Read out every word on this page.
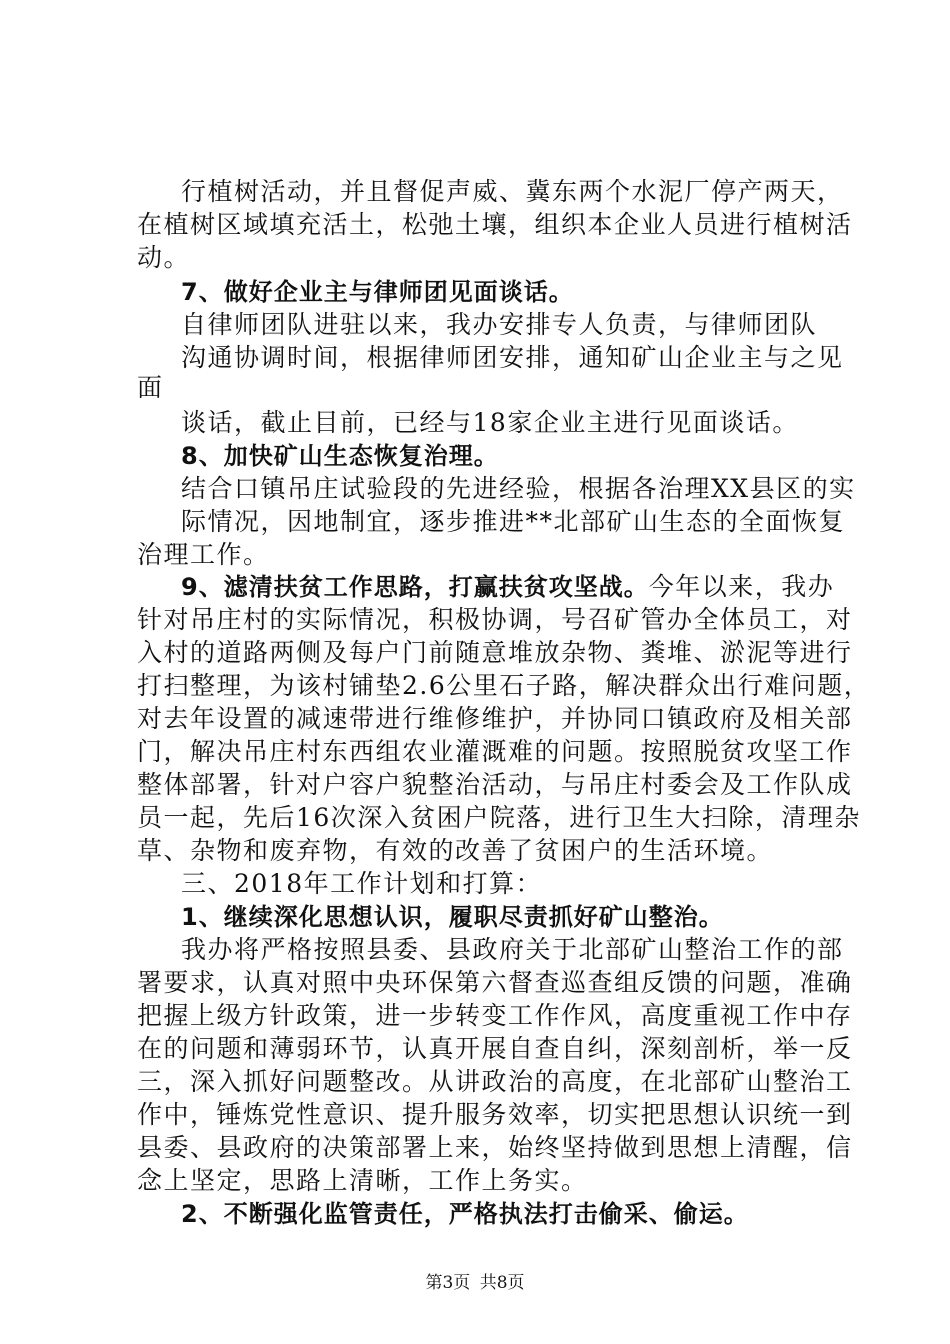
行植树活动，并且督促声威、冀东两个水泥厂停产两天，
在植树区域填充活土，松弛土壤，组织本企业人员进行植树活
动。
7、做好企业主与律师团见面谈话。
自律师团队进驻以来，我办安排专人负责，与律师团队
沟通协调时间，根据律师团安排，通知矿山企业主与之见
面
谈话，截止目前，已经与18家企业主进行见面谈话。
8、加快矿山生态恢复治理。
结合口镇吊庄试验段的先进经验，根据各治理XX县区的实
际情况，因地制宜，逐步推进**北部矿山生态的全面恢复
治理工作。
9、滤清扶贫工作思路，打赢扶贫攻坚战。今年以来，我办
针对吊庄村的实际情况，积极协调，号召矿管办全体员工，对
入村的道路两侧及每户门前随意堆放杂物、粪堆、淤泥等进行
打扫整理，为该村铺垫2.6公里石子路，解决群众出行难问题，
对去年设置的减速带进行维修维护，并协同口镇政府及相关部
门，解决吊庄村东西组农业灌溉难的问题。按照脱贫攻坚工作
整体部署，针对户容户貌整治活动，与吊庄村委会及工作队成
员一起，先后16次深入贫困户院落，进行卫生大扫除，清理杂
草、杂物和废弃物，有效的改善了贫困户的生活环境。
三、2018年工作计划和打算：
1、继续深化思想认识，履职尽责抓好矿山整治。
我办将严格按照县委、县政府关于北部矿山整治工作的部
署要求，认真对照中央环保第六督查巡查组反馈的问题，准确
把握上级方针政策，进一步转变工作作风，高度重视工作中存
在的问题和薄弱环节，认真开展自查自纠，深刻剖析，举一反
三，深入抓好问题整改。从讲政治的高度，在北部矿山整治工
作中，锤炼党性意识、提升服务效率，切实把思想认识统一到
县委、县政府的决策部署上来，始终坚持做到思想上清醒，信
念上坚定，思路上清晰，工作上务实。
2、不断强化监管责任，严格执法打击偷采、偷运。
第3页 共8页
